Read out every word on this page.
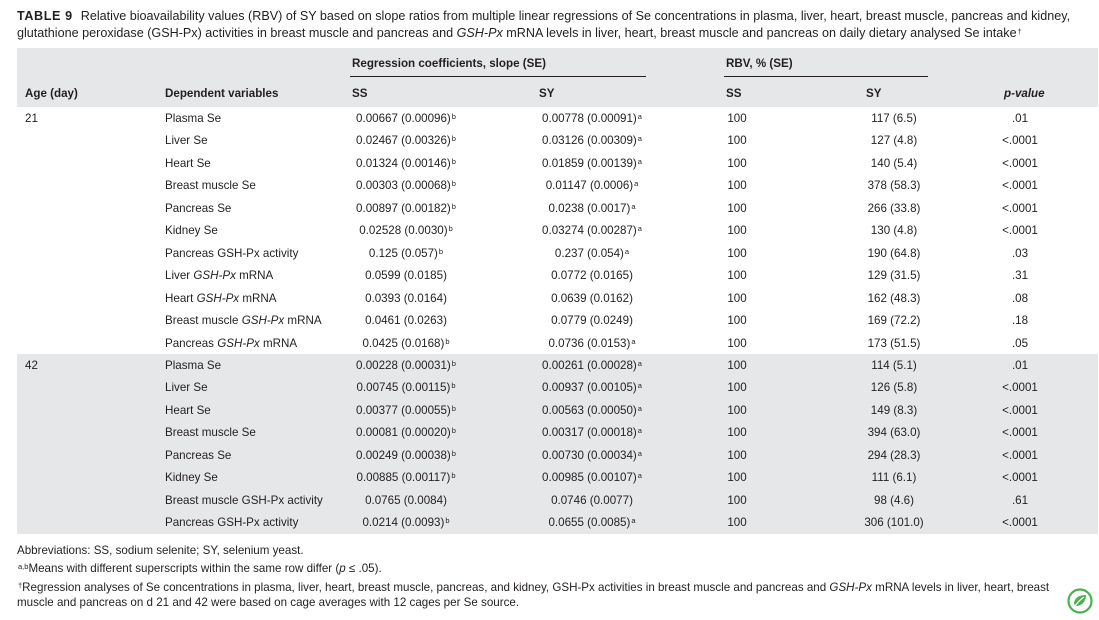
TABLE 9 Relative bioavailability values (RBV) of SY based on slope ratios from multiple linear regressions of Se concentrations in plasma, liver, heart, breast muscle, pancreas and kidney, glutathione peroxidase (GSH-Px) activities in breast muscle and pancreas and GSH-Px mRNA levels in liver, heart, breast muscle and pancreas on daily dietary analysed Se intake†
Regression coefficients, slope (SE)	RBV, % (SE)
Age (day)	Dependent variables	SS	SY	SS	SY	p-value
21	Plasma Se	0.00667 $(0.00096)^b$	0.00778 $(0.00091)^a$	100	117 (6.5)	.01
Liver Se	0.02467 $(0.00326)^b$	0.03126 $(0.00309)^a$	100	127 (4.8)	<.0001
Heart Se	0.01324 $(0.00146)^b$	0.01859 $(0.00139)^a$	100	140 (5.4)	<.0001
Breast muscle Se	0.00303 $(0.00068)^b$	0.01147 $(0.0006)^a$	100	378 (58.3)	<.0001
Pancreas Se	0.00897 $(0.00182)^b$	0.0238 $(0.0017)^a$	100	266 (33.8)	<.0001
Kidney Se	0.02528 $(0.0030)^b$	0.03274 $(0.00287)^a$	100	130 (4.8)	<.0001
Pancreas GSH-Px activity	0.125 $(0.057)^b$	0.237 $(0.054)^a$	100	190 (64.8)	.03
Liver GSH-Px mRNA	0.0599 (0.0185)	0.0772 (0.0165)	100	129 (31.5)	.31
Heart GSH-Px mRNA	0.0393 (0.0164)	0.0639 (0.0162)	100	162 (48.3)	.08
Breast muscle GSH-Px mRNA	0.0461 (0.0263)	0.0779 (0.0249)	100	169 (72.2)	.18
Pancreas GSH-Px mRNA	0.0425 $(0.0168)^b$	0.0736 $(0.0153)^a$	100	173 (51.5)	.05
42	Plasma Se	0.00228 $(0.00031)^b$	0.00261 $(0.00028)^a$	100	114 (5.1)	.01
Liver Se	0.00745 $(0.00115)^b$	0.00937 $(0.00105)^a$	100	126 (5.8)	<.0001
Heart Se	0.00377 $(0.00055)^b$	0.00563 $(0.00050)^a$	100	149 (8.3)	<.0001
Breast muscle Se	0.00081 $(0.00020)^b$	0.00317 $(0.00018)^a$	100	394 (63.0)	<.0001
Pancreas Se	0.00249 $(0.00038)^b$	0.00730 $(0.00034)^a$	100	294 (28.3)	<.0001
Kidney Se	0.00885 $(0.00117)^b$	0.00985 $(0.00107)^a$	100	111 (6.1)	<.0001
Breast muscle GSH-Px activity	0.0765 (0.0084)	0.0746 (0.0077)	100	98 (4.6)	.61
Pancreas GSH-Px activity	0.0214 $(0.0093)^b$	0.0655 $(0.0085)^a$	100	306 (101.0)	<.0001
Abbreviations: SS, sodium selenite; SY, selenium yeast.
$^{a,b}$Means with different superscripts within the same row differ (p ≤ .05).
†Regression analyses of Se concentrations in plasma, liver, heart, breast muscle, pancreas, and kidney, GSH-Px activities in breast muscle and pancreas and GSH-Px mRNA levels in liver, heart, breast muscle and pancreas on d 21 and 42 were based on cage averages with 12 cages per Se source.
